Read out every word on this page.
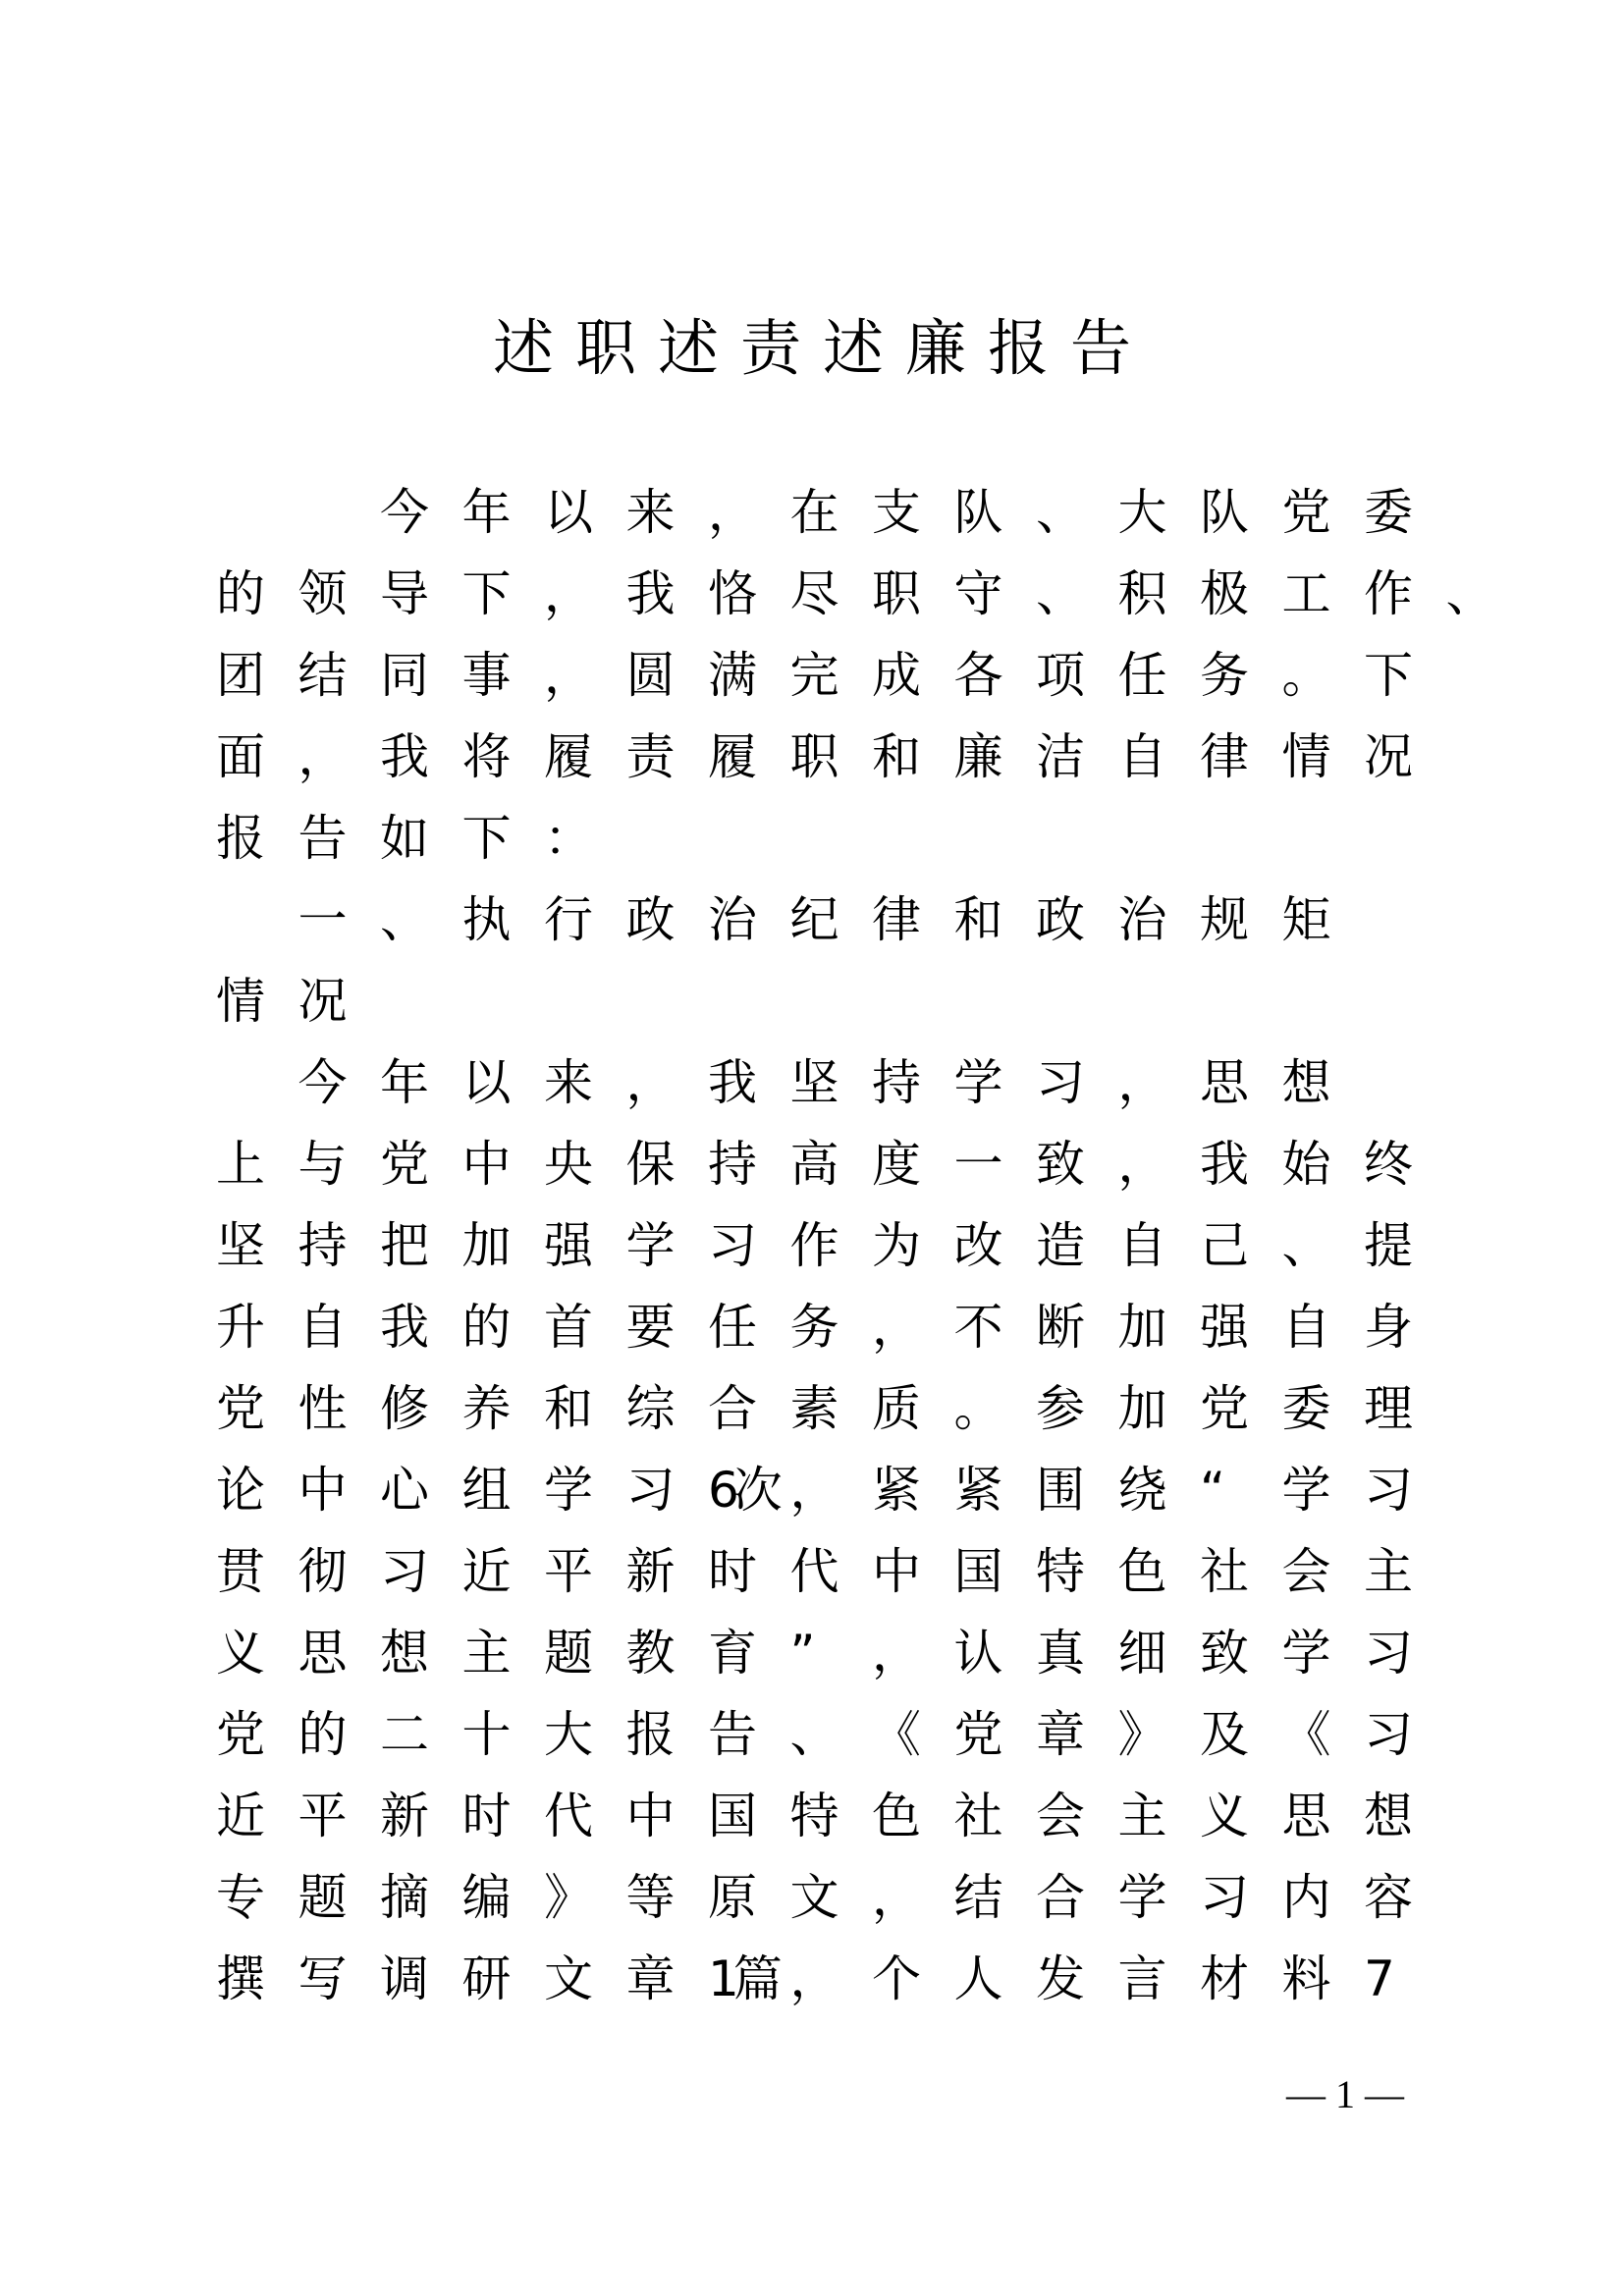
述职述责述廉报告
今 年 以 来 ， 在 支 队 、 大 队 党 委
的 领 导 下 ， 我 恪 尽 职 守 、 积 极 工 作 、
团 结 同 事 ， 圆 满 完 成 各 项 任 务 。 下
面 ， 我 将 履 责 履 职 和 廉 洁 自 律 情 况
报 告 如 下 ：
一 、 执 行 政 治 纪 律 和 政 治 规 矩
情 况
今 年 以 来 ， 我 坚 持 学 习 ， 思 想
上 与 党 中 央 保 持 高 度 一 致 ， 我 始 终
坚 持 把 加 强 学 习 作 为 改 造 自 己 、 提
升 自 我 的 首 要 任 务 ， 不 断 加 强 自 身
党 性 修 养 和 综 合 素 质 。 参 加 党 委 理
论 中 心 组 学 习 6次 ， 紧 紧 围 绕 “ 学 习
贯 彻 习 近 平 新 时 代 中 国 特 色 社 会 主
义 思 想 主 题 教 育 ” ， 认 真 细 致 学 习
党 的 二 十 大 报 告 、 《 党 章 》 及 《 习
近 平 新 时 代 中 国 特 色 社 会 主 义 思 想
专 题 摘 编 》 等 原 文 ， 结 合 学 习 内 容
撰 写 调 研 文 章 1篇 ， 个 人 发 言 材 料 7
— 1 —
